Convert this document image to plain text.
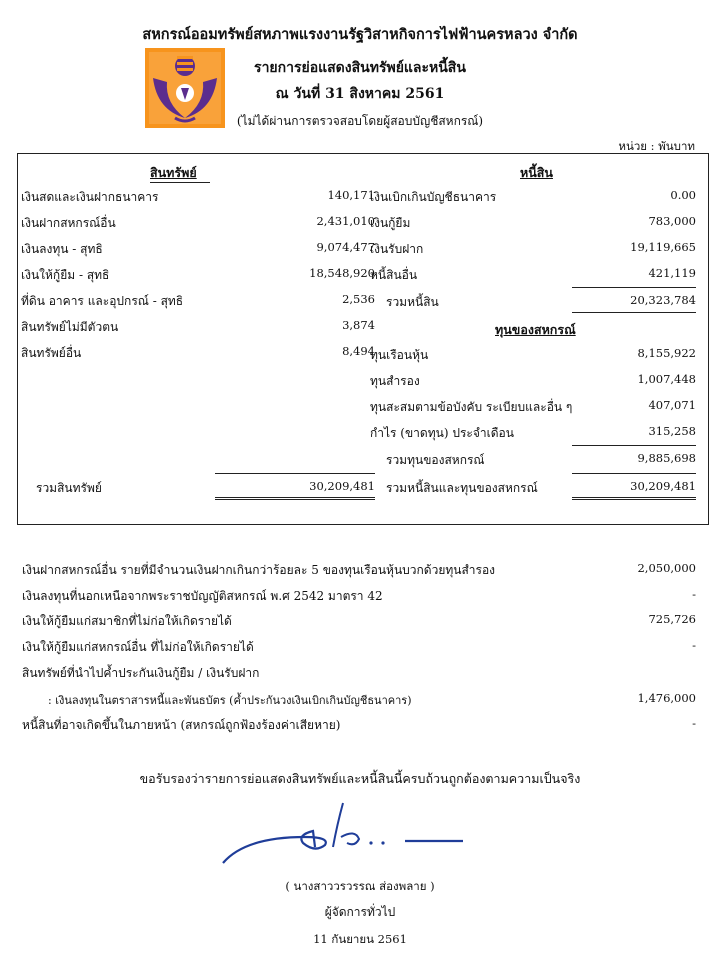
สหกรณ์ออมทรัพย์สหภาพแรงงานรัฐวิสาหกิจการไฟฟ้านครหลวง จำกัด
รายการย่อแสดงสินทรัพย์และหนี้สิน
ณ วันที่ 31 สิงหาคม 2561
(ไม่ได้ผ่านการตรวจสอบโดยผู้สอบบัญชีสหกรณ์)
หน่วย : พันบาท
สินทรัพย์
เงินสดและเงินฝากธนาคาร	140,171
เงินฝากสหกรณ์อื่น	2,431,010
เงินลงทุน - สุทธิ	9,074,477
เงินให้กู้ยืม - สุทธิ	18,548,920
ที่ดิน อาคาร และอุปกรณ์ - สุทธิ	2,536
สินทรัพย์ไม่มีตัวตน	3,874
สินทรัพย์อื่น	8,494
รวมสินทรัพย์	30,209,481
หนี้สิน
เงินเบิกเกินบัญชีธนาคาร	0.00
เงินกู้ยืม	783,000
เงินรับฝาก	19,119,665
หนี้สินอื่น	421,119
รวมหนี้สิน	20,323,784
ทุนของสหกรณ์
ทุนเรือนหุ้น	8,155,922
ทุนสำรอง	1,007,448
ทุนสะสมตามข้อบังคับ ระเบียบและอื่น ๆ	407,071
กำไร (ขาดทุน) ประจำเดือน	315,258
รวมทุนของสหกรณ์	9,885,698
รวมหนี้สินและทุนของสหกรณ์	30,209,481
เงินฝากสหกรณ์อื่น รายที่มีจำนวนเงินฝากเกินกว่าร้อยละ 5 ของทุนเรือนหุ้นบวกด้วยทุนสำรอง	2,050,000
เงินลงทุนที่นอกเหนือจากพระราชบัญญัติสหกรณ์ พ.ศ 2542 มาตรา 42	-
เงินให้กู้ยืมแก่สมาชิกที่ไม่ก่อให้เกิดรายได้	725,726
เงินให้กู้ยืมแก่สหกรณ์อื่น ที่ไม่ก่อให้เกิดรายได้	-
สินทรัพย์ที่นำไปค้ำประกันเงินกู้ยืม / เงินรับฝาก
: เงินลงทุนในตราสารหนี้และพันธบัตร (ค้ำประกันวงเงินเบิกเกินบัญชีธนาคาร)	1,476,000
หนี้สินที่อาจเกิดขึ้นในภายหน้า (สหกรณ์ถูกฟ้องร้องค่าเสียหาย)	-
ขอรับรองว่ารายการย่อแสดงสินทรัพย์และหนี้สินนี้ครบถ้วนถูกต้องตามความเป็นจริง
( นางสาววรวรรณ ส่องพลาย )
ผู้จัดการทั่วไป
11 กันยายน 2561
